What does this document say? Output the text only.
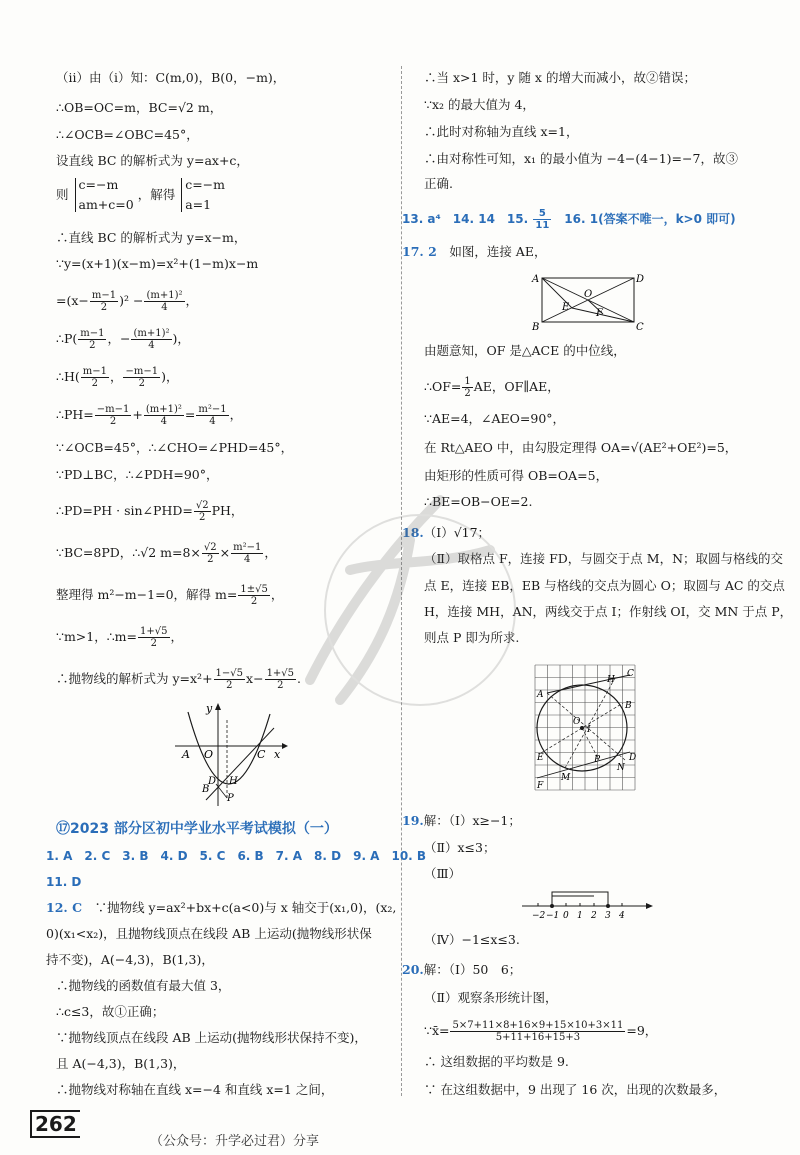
（ⅱ）由（ⅰ）知：C(m,0)，B(0，−m)，
∴OB=OC=m，BC=√2 m，
∴∠OCB=∠OBC=45°，
设直线 BC 的解析式为 y=ax+c，
则
c=−m
am+c=0
，解得
c=−m
a=1
∴直线 BC 的解析式为 y=x−m，
∵y=(x+1)(x−m)=x²+(1−m)x−m
$=(x- \frac{m-1}{2} )^2 - \frac{\text{(m+1)²}}{4}$ ，
∴P( $\frac{m-1}{2}$ ，− $\frac{\text{(m+1)²}}{4}$ )，
∴H( $\frac{m-1}{2}$ ， $\frac{-m-1}{2}$ )，
∴PH= $\frac{-m-1}{2} + \frac{\text{(m+1)²}}{4} = \frac{\text{m²−1}}{4}$ ，
∵∠OCB=45°，∴∠CHO=∠PHD=45°，
∵PD⊥BC，∴∠PDH=90°，
∴PD=PH · sin∠PHD= $\frac{√2}{2}$ PH，
∵BC=8PD，∴√2 $m=8\times \frac{√2}{2} \times \frac{\text{m²−1}}{4}$ ，
整理得 m²−m−1=0，解得 $m= \frac{1\pm√5}{2}$ ，
∵m>1，∴m= $\frac{1+√5}{2}$ ，
∴抛物线的解析式为 $y=x^2+ \frac{1-√5}{2} x- \frac{1+√5}{2}$ .
y
A O	C x
D H
B
P
⑰2023 部分区初中学业水平考试模拟（一）
1. A　2. C　3. B　4. D　5. C　6. B　7. A　8. D　9. A　10. B
11. D
12. C　 ∵抛物线 y=ax²+bx+c(a<0)与 x 轴交于(x₁,0)，(x₂,
0)(x₁<x₂)，且抛物线顶点在线段 AB 上运动(抛物线形状保
持不变)，A(−4,3)，B(1,3)，
∴抛物线的函数值有最大值 3，
∴c≤3，故①正确；
∵抛物线顶点在线段 AB 上运动(抛物线形状保持不变)，
且 A(−4,3)，B(1,3)，
∴抛物线对称轴在直线 x=−4 和直线 x=1 之间，
∴当 x>1 时，y 随 x 的增大而减小，故②错误；
∵x₂ 的最大值为 4，
∴此时对称轴为直线 x=1，
∴由对称性可知，x₁ 的最小值为 −4−(4−1)=−7，故③
正确.
13. a⁴　14. 14　15. $\frac{5}{11}$ 　16. 1(答案不唯一，k>0 即可)
17. 2　 如图，连接 AE，
A	D
O
E
F
B	C
由题意知，OF 是△ACE 的中位线，
∴OF= $\frac{1}{2}$ AE，OF∥AE，
∵AE=4，∠AEO=90°，
在 Rt△AEO 中，由勾股定理得 OA=√(AE²+OE²)=5，
由矩形的性质可得 OB=OA=5，
∴BE=OB−OE=2.
18.（Ⅰ）√17；
（Ⅱ）取格点 F，连接 FD，与圆交于点 M，N；取圆与格线的交
点 E，连接 EB，EB 与格线的交点为圆心 O；取圆与 AC 的交点
H，连接 MH，AN，两线交于点 I；作射线 OI，交 MN 于点 P，
则点 P 即为所求.
H
C
A
O
I
E	P	D
N
M
F
B
19.解：（Ⅰ）x≥−1；
（Ⅱ）x≤3；
（Ⅲ）
−2 −1 0 1 2 3 4
（Ⅳ）−1≤x≤3.
20.解：（Ⅰ）50　6；
（Ⅱ）观察条形统计图，
∵x̄= $\frac{5\times 7+11\times 8+16\times 9+15\times 10+3\times 11}{5+11+16+15+3} =9$，
∴ 这组数据的平均数是 9.
∵ 在这组数据中，9 出现了 16 次，出现的次数最多，
262
（公众号：升学必过君）分享
